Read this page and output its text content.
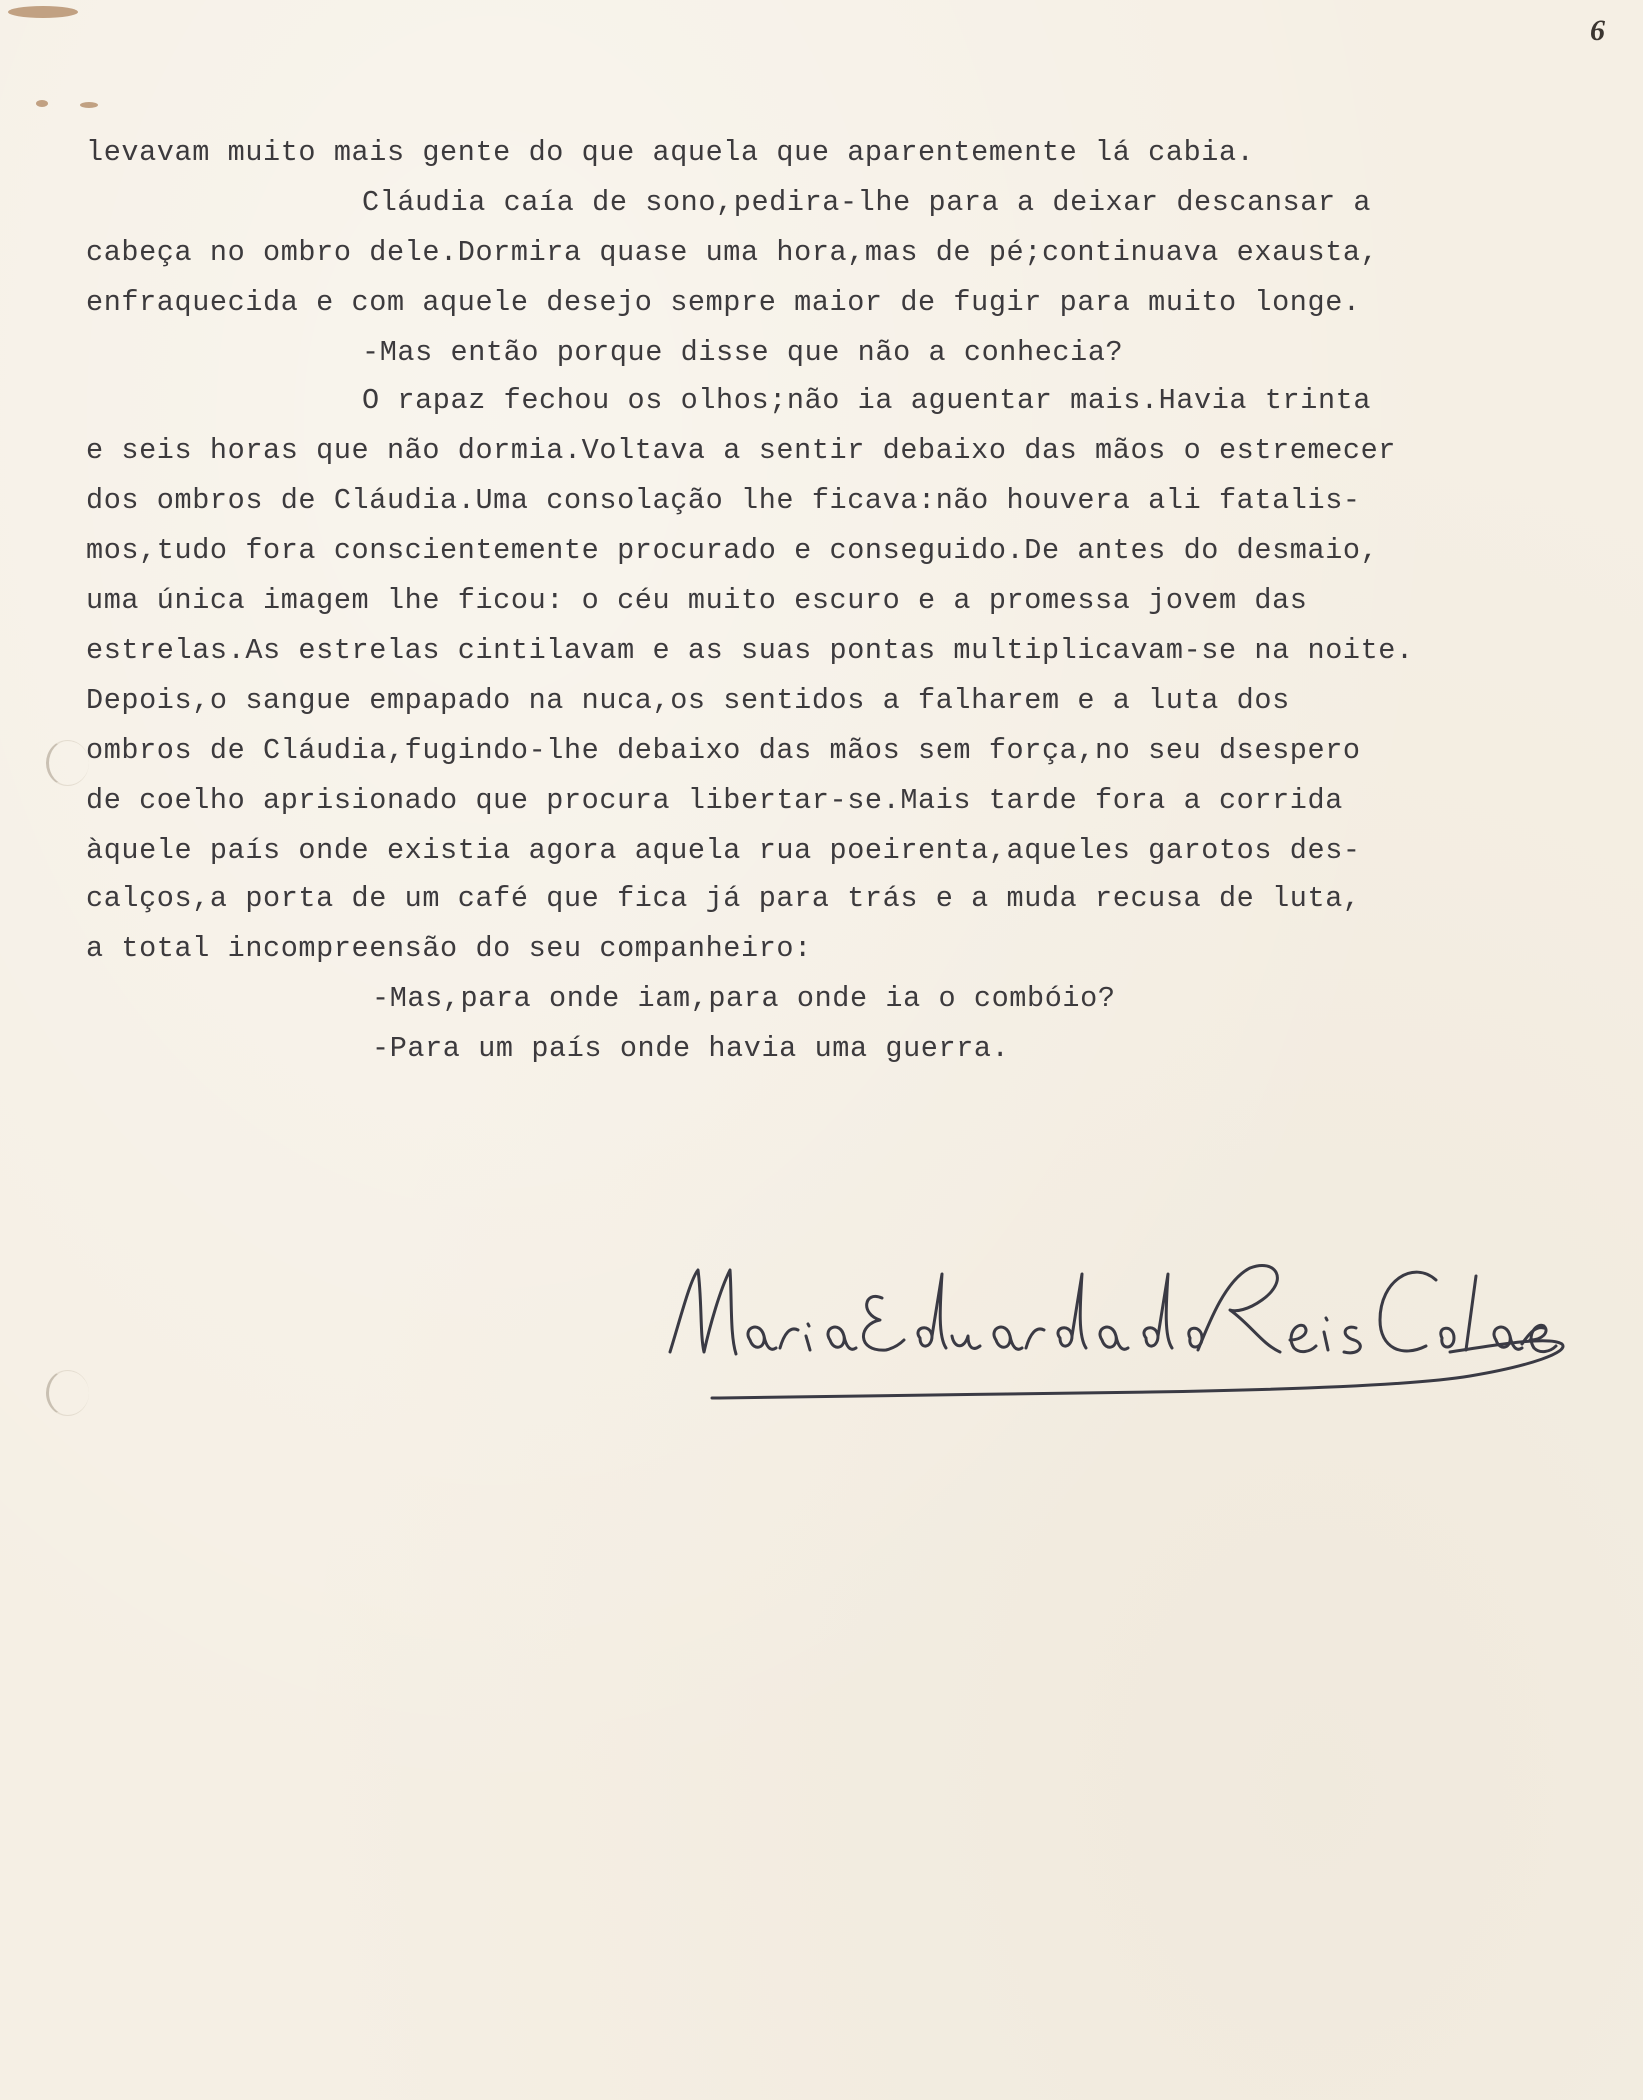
6

levavam muito mais gente do que aquela que aparentemente lá cabia.

Cláudia caía de sono,pedira-lhe para a deixar descansar a

cabeça no ombro dele.Dormira quase uma hora,mas de pé;continuava exausta,

enfraquecida e com aquele desejo sempre maior de fugir para muito longe.

-Mas então porque disse que não a conhecia?

O rapaz fechou os olhos;não ia aguentar mais.Havia trinta

e seis horas que não dormia.Voltava a sentir debaixo das mãos o estremecer

dos ombros de Cláudia.Uma consolação lhe ficava:não houvera ali fatalis-

mos,tudo fora conscientemente procurado e conseguido.De antes do desmaio,

uma única imagem lhe ficou: o céu muito escuro e a promessa jovem das

estrelas.As estrelas cintilavam e as suas pontas multiplicavam-se na noite.

Depois,o sangue empapado na nuca,os sentidos a falharem e a luta dos

ombros de Cláudia,fugindo-lhe debaixo das mãos sem força,no seu dsespero

de coelho aprisionado que procura libertar-se.Mais tarde fora a corrida

àquele país onde existia agora aquela rua poeirenta,aqueles garotos des-

calços,a porta de um café que fica já para trás e a muda recusa de luta,

a total incompreensão do seu companheiro:

-Mas,para onde iam,para onde ia o combóio?

-Para um país onde havia uma guerra.
